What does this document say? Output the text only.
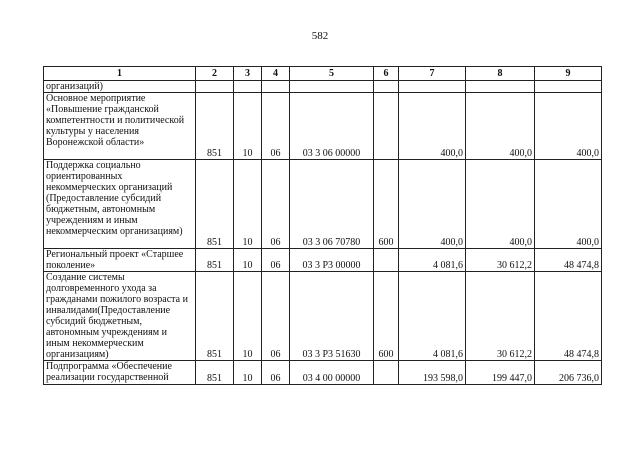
582
1	2	3	4	5	6	7	8	9
организаций)								
Основное мероприятие «Повышение гражданской компетентности и политической культуры у населения Воронежской области»	851	10	06	03 3 06 00000		400,0	400,0	400,0
Поддержка социально ориентированных некоммерческих организаций (Предоставление субсидий бюджетным, автономным учреждениям и иным некоммерческим организациям)	851	10	06	03 3 06 70780	600	400,0	400,0	400,0
Региональный проект «Старшее поколение»	851	10	06	03 3 P3 00000		4 081,6	30 612,2	48 474,8
Создание системы долговременного ухода за гражданами пожилого возраста и инвалидами(Предоставление субсидий бюджетным, автономным учреждениям и иным некоммерческим организациям)	851	10	06	03 3 P3 51630	600	4 081,6	30 612,2	48 474,8
Подпрограмма «Обеспечение реализации государственной	851	10	06	03 4 00 00000		193 598,0	199 447,0	206 736,0
